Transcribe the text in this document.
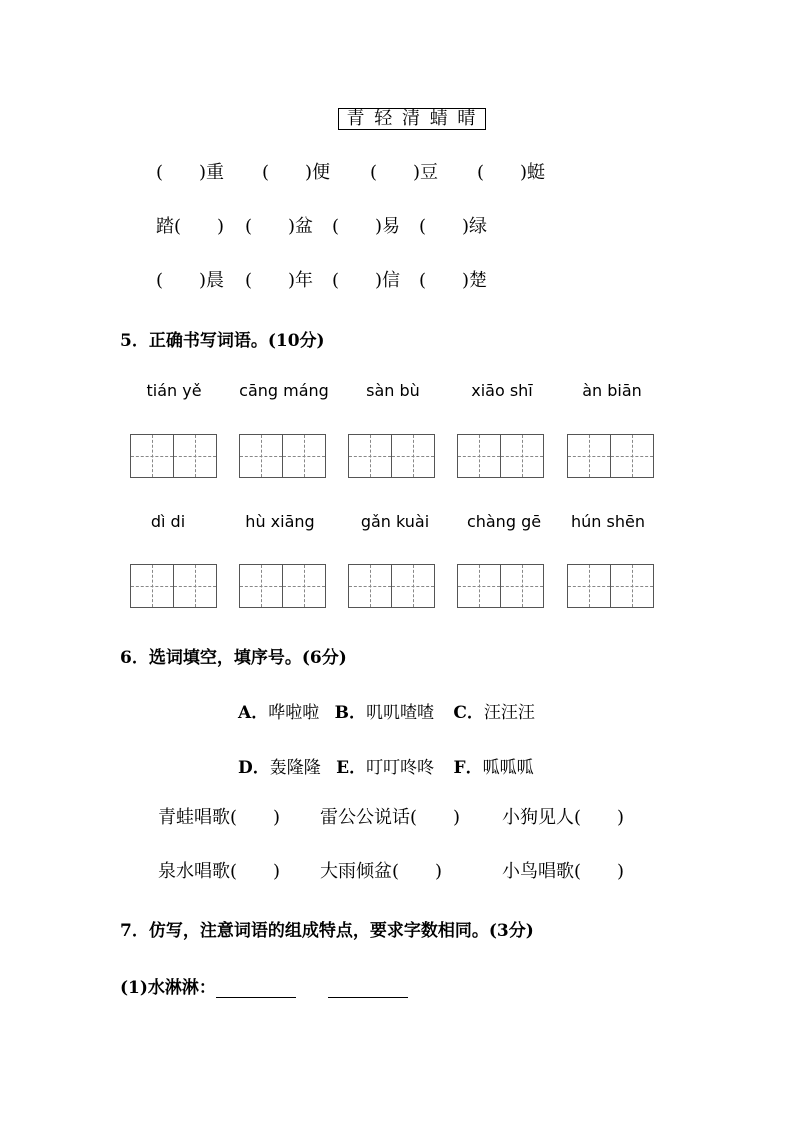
青 轻 清 蜻 晴
(　　)重 (　　)便 (　　)豆 (　　)蜓
踏(　　) (　　)盆 (　　)易 (　　)绿
(　　)晨 (　　)年 (　　)信 (　　)楚
5．正确书写词语。(10分)
tián yě	cāng máng	sàn bù	xiāo shī	àn biān
dì di	hù xiāng	gǎn kuài	chàng gē	hún shēn
6．选词填空，填序号。(6分)
A．哗啦啦 B．叽叽喳喳 C．汪汪汪
D．轰隆隆 E．叮叮咚咚 F．呱呱呱
青蛙唱歌(　　) 雷公公说话(　　) 小狗见人(　　)
泉水唱歌(　　) 大雨倾盆(　　)	小鸟唱歌(　　)
7．仿写，注意词语的组成特点，要求字数相同。(3分)
(1)水淋淋：
